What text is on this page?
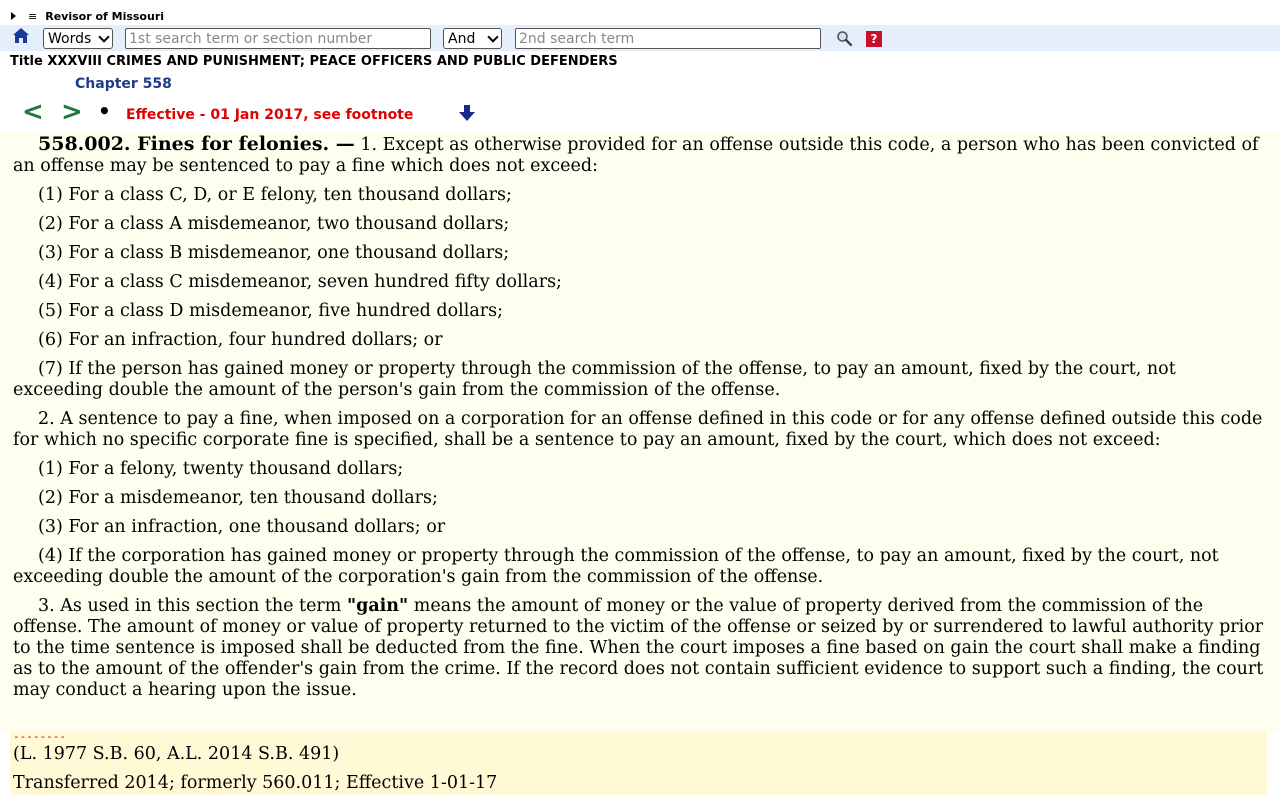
≡ Revisor of Missouri
Words
1st search term or section number	And
2nd search term	?
Title XXXVIII CRIMES AND PUNISHMENT; PEACE OFFICERS AND PUBLIC DEFENDERS
Chapter 558
< > • Effective - 01 Jan 2017, see footnote

558.002. Fines for felonies. — 1. Except as otherwise provided for an offense outside this code, a person who has been convicted of an offense may be sentenced to pay a fine which does not exceed:

(1) For a class C, D, or E felony, ten thousand dollars;

(2) For a class A misdemeanor, two thousand dollars;

(3) For a class B misdemeanor, one thousand dollars;

(4) For a class C misdemeanor, seven hundred fifty dollars;

(5) For a class D misdemeanor, five hundred dollars;

(6) For an infraction, four hundred dollars; or

(7) If the person has gained money or property through the commission of the offense, to pay an amount, fixed by the court, not exceeding double the amount of the person's gain from the commission of the offense.

2. A sentence to pay a fine, when imposed on a corporation for an offense defined in this code or for any offense defined outside this code for which no specific corporate fine is specified, shall be a sentence to pay an amount, fixed by the court, which does not exceed:

(1) For a felony, twenty thousand dollars;

(2) For a misdemeanor, ten thousand dollars;

(3) For an infraction, one thousand dollars; or

(4) If the corporation has gained money or property through the commission of the offense, to pay an amount, fixed by the court, not exceeding double the amount of the corporation's gain from the commission of the offense.

3. As used in this section the term "gain" means the amount of money or the value of property derived from the commission of the offense. The amount of money or value of property returned to the victim of the offense or seized by or surrendered to lawful authority prior to the time sentence is imposed shall be deducted from the fine. When the court imposes a fine based on gain the court shall make a finding as to the amount of the offender's gain from the crime. If the record does not contain sufficient evidence to support such a finding, the court may conduct a hearing upon the issue.

--------
(L. 1977 S.B. 60, A.L. 2014 S.B. 491)
Transferred 2014; formerly 560.011; Effective 1-01-17
